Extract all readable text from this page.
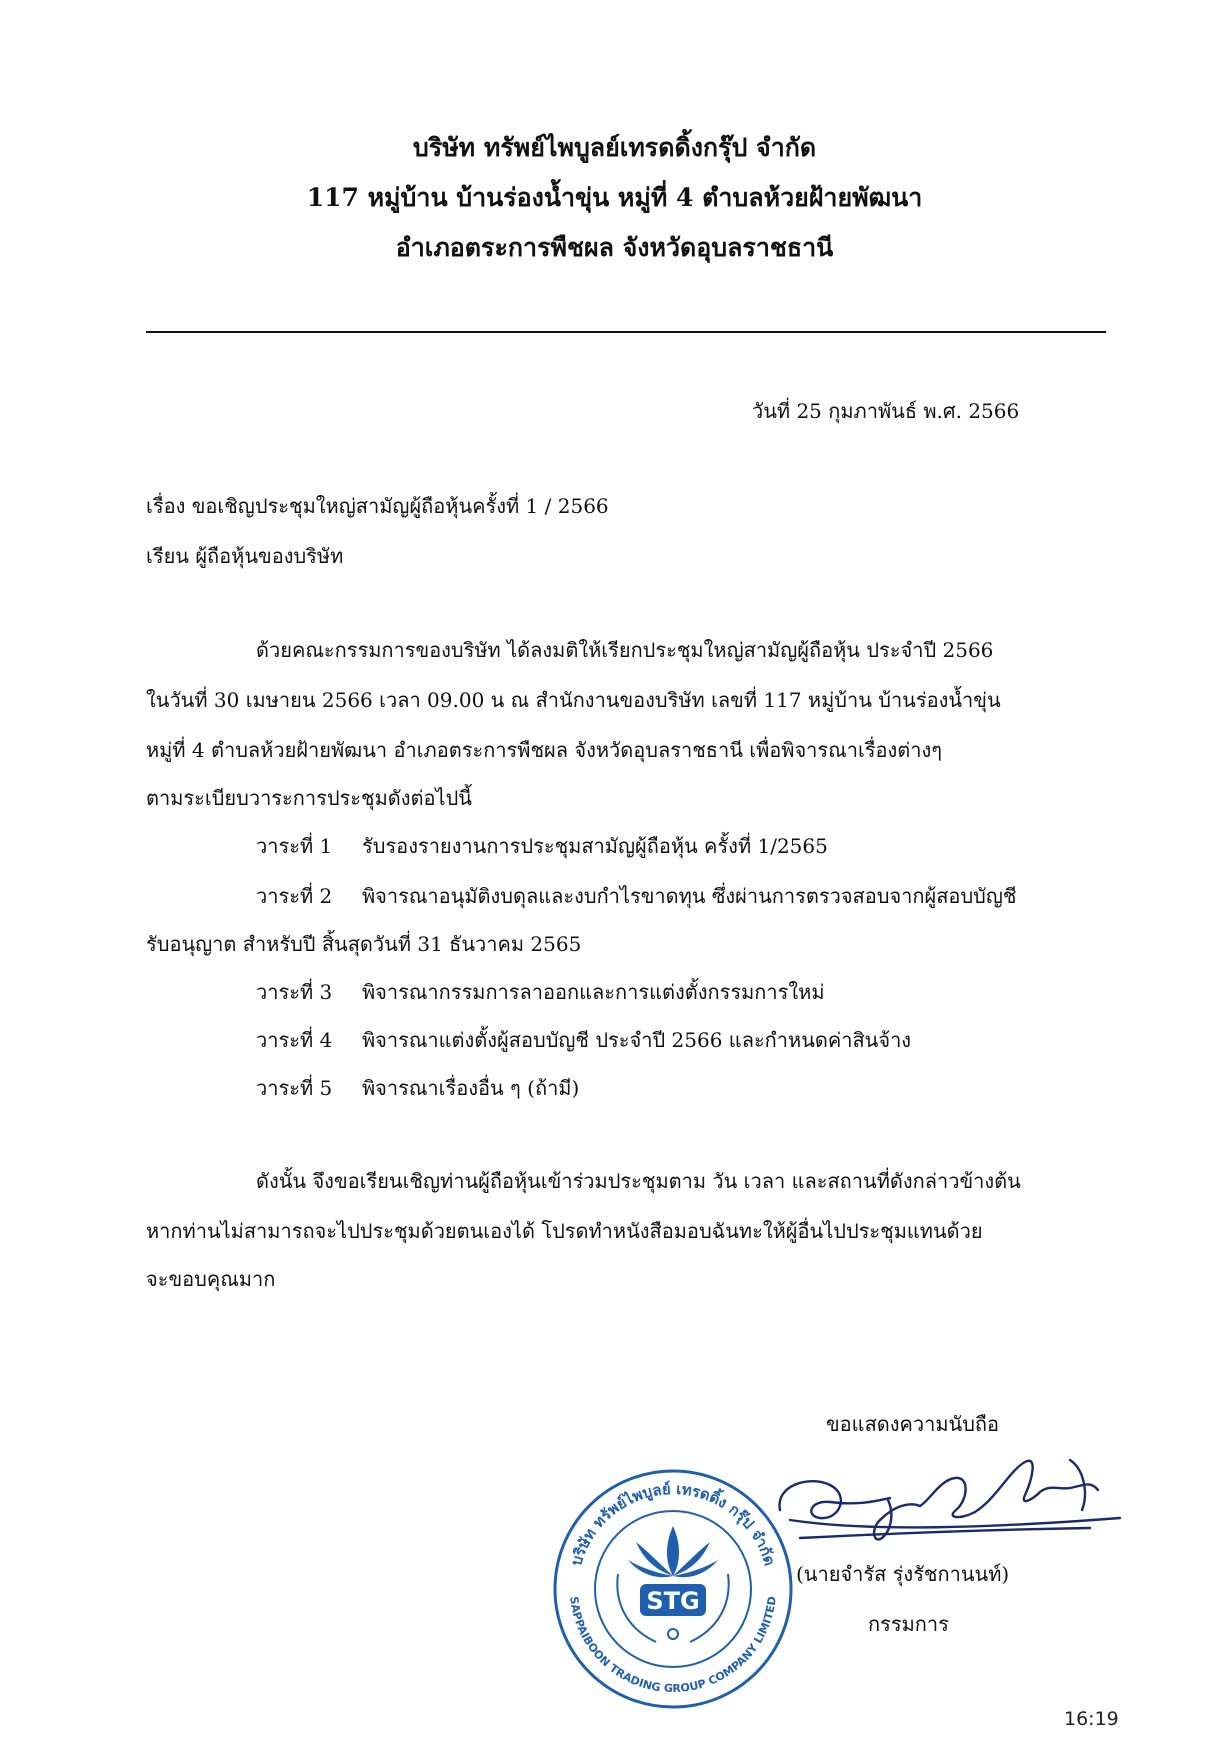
บริษัท ทรัพย์ไพบูลย์เทรดดิ้งกรุ๊ป จำกัด
117 หมู่บ้าน บ้านร่องน้ำขุ่น หมู่ที่ 4 ตำบลห้วยฝ้ายพัฒนา
อำเภอตระการพืชผล จังหวัดอุบลราชธานี
วันที่ 25 กุมภาพันธ์ พ.ศ. 2566
เรื่อง ขอเชิญประชุมใหญ่สามัญผู้ถือหุ้นครั้งที่ 1 / 2566
เรียน ผู้ถือหุ้นของบริษัท
ด้วยคณะกรรมการของบริษัท ได้ลงมติให้เรียกประชุมใหญ่สามัญผู้ถือหุ้น ประจำปี 2566
ในวันที่ 30 เมษายน 2566 เวลา 09.00 น ณ สำนักงานของบริษัท เลขที่ 117 หมู่บ้าน บ้านร่องน้ำขุ่น
หมู่ที่ 4 ตำบลห้วยฝ้ายพัฒนา อำเภอตระการพืชผล จังหวัดอุบลราชธานี เพื่อพิจารณาเรื่องต่างๆ
ตามระเบียบวาระการประชุมดังต่อไปนี้
วาระที่ 1 รับรองรายงานการประชุมสามัญผู้ถือหุ้น ครั้งที่ 1/2565
วาระที่ 2 พิจารณาอนุมัติงบดุลและงบกำไรขาดทุน ซึ่งผ่านการตรวจสอบจากผู้สอบบัญชี
รับอนุญาต สำหรับปี สิ้นสุดวันที่ 31 ธันวาคม 2565
วาระที่ 3 พิจารณากรรมการลาออกและการแต่งตั้งกรรมการใหม่
วาระที่ 4 พิจารณาแต่งตั้งผู้สอบบัญชี ประจำปี 2566 และกำหนดค่าสินจ้าง
วาระที่ 5 พิจารณาเรื่องอื่น ๆ (ถ้ามี)
ดังนั้น จึงขอเรียนเชิญท่านผู้ถือหุ้นเข้าร่วมประชุมตาม วัน เวลา และสถานที่ดังกล่าวข้างต้น
หากท่านไม่สามารถจะไปประชุมด้วยตนเองได้ โปรดทำหนังสือมอบฉันทะให้ผู้อื่นไปประชุมแทนด้วย
จะขอบคุณมาก
ขอแสดงความนับถือ
(นายจำรัส รุ่งรัชกานนท์)
กรรมการ
บริษัท ทรัพย์ไพบูลย์ เทรดดิ้ง กรุ๊ป จำกัด
SAPPAIBOON TRADING GROUP COMPANY LIMITED
STG
16:19
